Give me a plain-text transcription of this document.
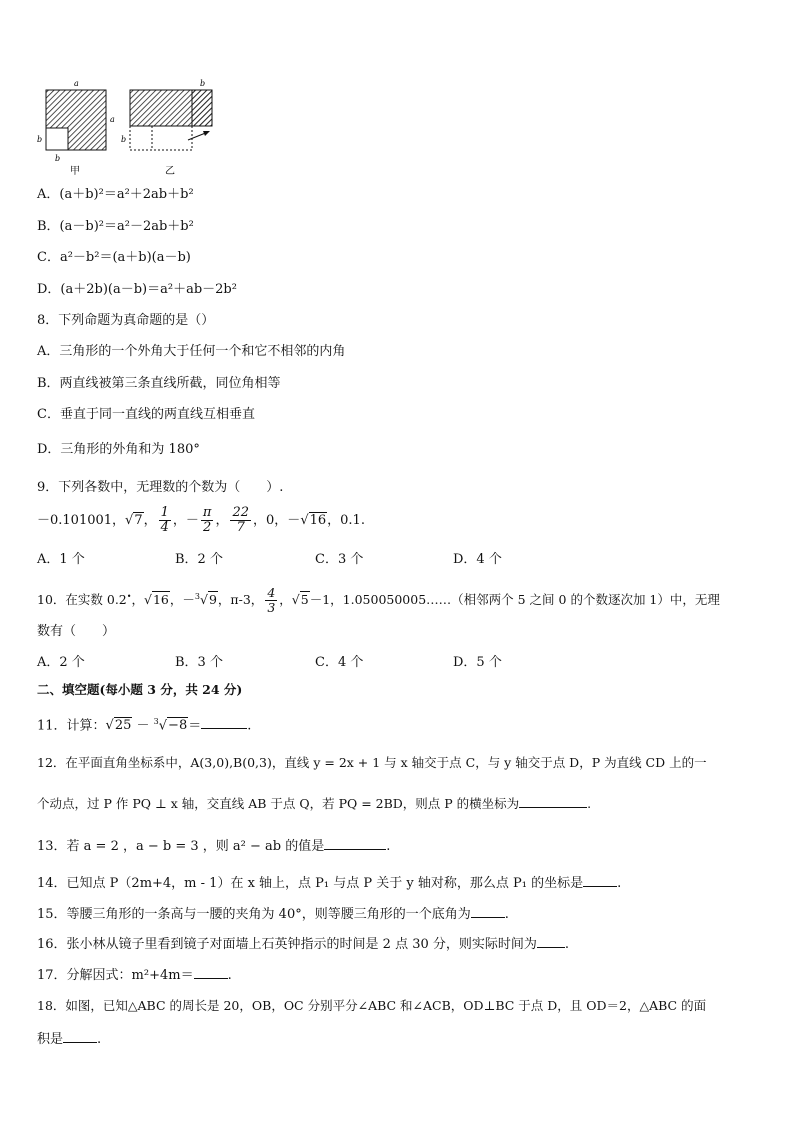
a
a
b
b
甲
b
b
乙
A．(a＋b)²＝a²＋2ab＋b²
B．(a－b)²＝a²－2ab＋b²
C．a²－b²＝(a＋b)(a－b)
D．(a＋2b)(a－b)＝a²＋ab－2b²
8．下列命题为真命题的是（）
A．三角形的一个外角大于任何一个和它不相邻的内角
B．两直线被第三条直线所截，同位角相等
C．垂直于同一直线的两直线互相垂直
D．三角形的外角和为 180°
9．下列各数中，无理数的个数为（　　）.
－0.101001，√7， $\frac{1}{4}$ ，－ $\frac{\pi}{2}$ ， $\frac{22}{7}$ ，0，－√16，0.1.
A．1 个	B．2 个	C．3 个	D．4 个
10．在实数 0.2•，√16，－$^3$√9，π-3， $\frac{4}{3}$ ，√5－1，1.050050005……（相邻两个 5 之间 0 的个数逐次加 1）中，无理
数有（　　）
A．2 个	B．3 个	C．4 个	D．5 个
二、填空题(每小题 3 分，共 24 分)
11．计算：√25 － $^3$√−8＝	.
12．在平面直角坐标系中，A(3,0),B(0,3)，直线 y = 2x + 1 与 x 轴交于点 C，与 y 轴交于点 D，P 为直线 CD 上的一
个动点，过 P 作 PQ ⊥ x 轴，交直线 AB 于点 Q，若 PQ = 2BD，则点 P 的横坐标为	.
13．若 a = 2 ，a − b = 3 ，则 a² − ab 的值是	.
14．已知点 P（2m+4，m - 1）在 x 轴上，点 P₁ 与点 P 关于 y 轴对称，那么点 P₁ 的坐标是	.
15．等腰三角形的一条高与一腰的夹角为 40°，则等腰三角形的一个底角为	.
16．张小林从镜子里看到镜子对面墙上石英钟指示的时间是 2 点 30 分，则实际时间为 .
17．分解因式：m²+4m＝	.
18．如图，已知△ABC 的周长是 20，OB，OC 分别平分∠ABC 和∠ACB，OD⊥BC 于点 D，且 OD＝2，△ABC 的面
积是	.
